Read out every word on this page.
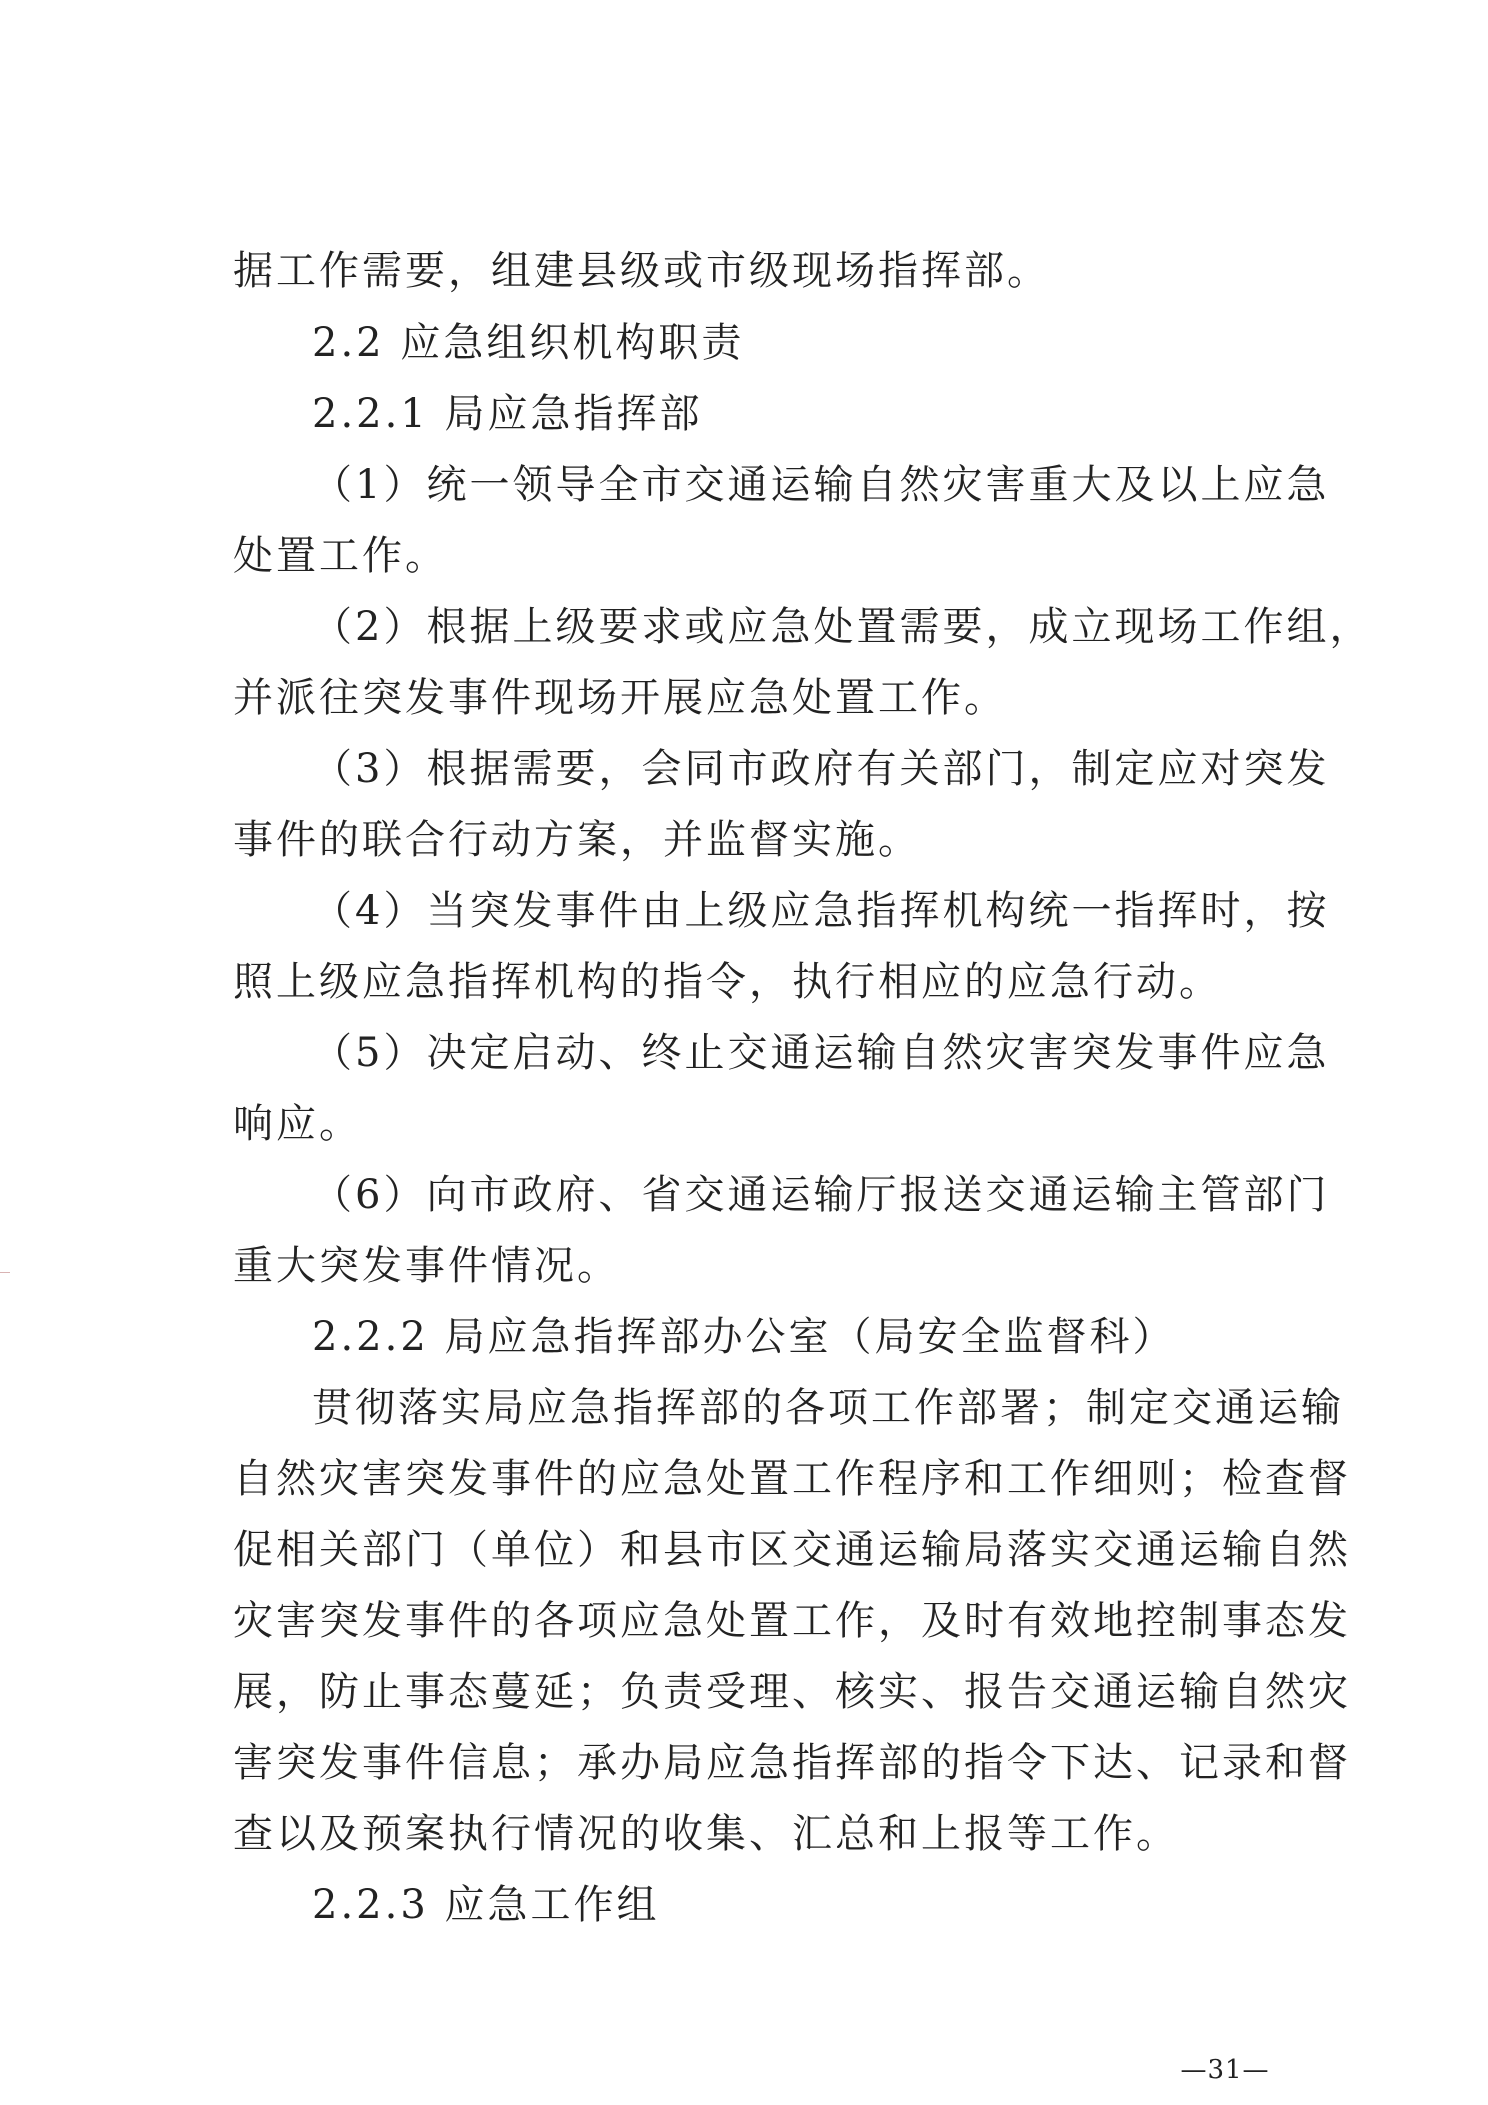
据工作需要，组建县级或市级现场指挥部。
2.2 应急组织机构职责
2.2.1 局应急指挥部
（1）统一领导全市交通运输自然灾害重大及以上应急
处置工作。
（2）根据上级要求或应急处置需要，成立现场工作组，
并派往突发事件现场开展应急处置工作。
（3）根据需要，会同市政府有关部门，制定应对突发
事件的联合行动方案，并监督实施。
（4）当突发事件由上级应急指挥机构统一指挥时，按
照上级应急指挥机构的指令，执行相应的应急行动。
（5）决定启动、终止交通运输自然灾害突发事件应急
响应。
（6）向市政府、省交通运输厅报送交通运输主管部门
重大突发事件情况。
2.2.2 局应急指挥部办公室（局安全监督科）
贯彻落实局应急指挥部的各项工作部署；制定交通运输
自然灾害突发事件的应急处置工作程序和工作细则；检查督
促相关部门（单位）和县市区交通运输局落实交通运输自然
灾害突发事件的各项应急处置工作，及时有效地控制事态发
展，防止事态蔓延；负责受理、核实、报告交通运输自然灾
害突发事件信息；承办局应急指挥部的指令下达、记录和督
查以及预案执行情况的收集、汇总和上报等工作。
2.2.3 应急工作组
—31—
